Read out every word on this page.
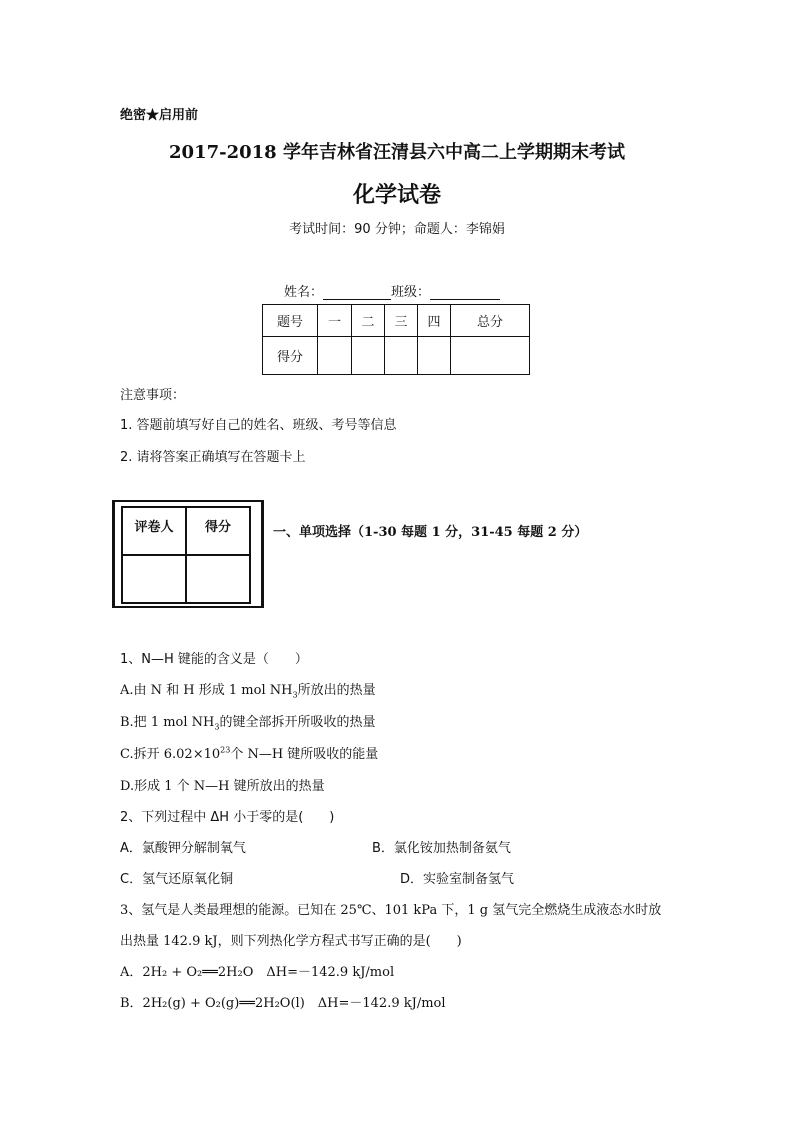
绝密★启用前
2017-2018 学年吉林省汪清县六中高二上学期期末考试
化学试卷
考试时间：90 分钟；命题人：李锦娟
姓名：	班级：
题号	一	二	三	四	总分
得分					
注意事项：
1. 答题前填写好自己的姓名、班级、考号等信息
2. 请将答案正确填写在答题卡上
评卷人	得分
		一、单项选择（1-30 每题 1 分，31-45 每题 2 分）
1、N—H 键能的含义是（　　）
A.由 N 和 H 形成 1 mol $NH_3$所放出的热量
B.把 1 mol $NH_3$的键全部拆开所吸收的热量
C.拆开 $6.02\times 10^{23}$个 N—H 键所吸收的能量
D.形成 1 个 N—H 键所放出的热量
2、下列过程中 ΔH 小于零的是(　　)
A．氯酸钾分解制氧气	B．氯化铵加热制备氨气
C．氢气还原氧化铜	D．实验室制备氢气
3、氢气是人类最理想的能源。已知在 25℃、101 kPa 下，1 g 氢气完全燃烧生成液态水时放
出热量 142.9 kJ，则下列热化学方程式书写正确的是(　　)
A．2H₂ + O₂══2H₂O　ΔH=－142.9 kJ/mol
B．2H₂(g) + O₂(g)══2H₂O(l)　ΔH=－142.9 kJ/mol
